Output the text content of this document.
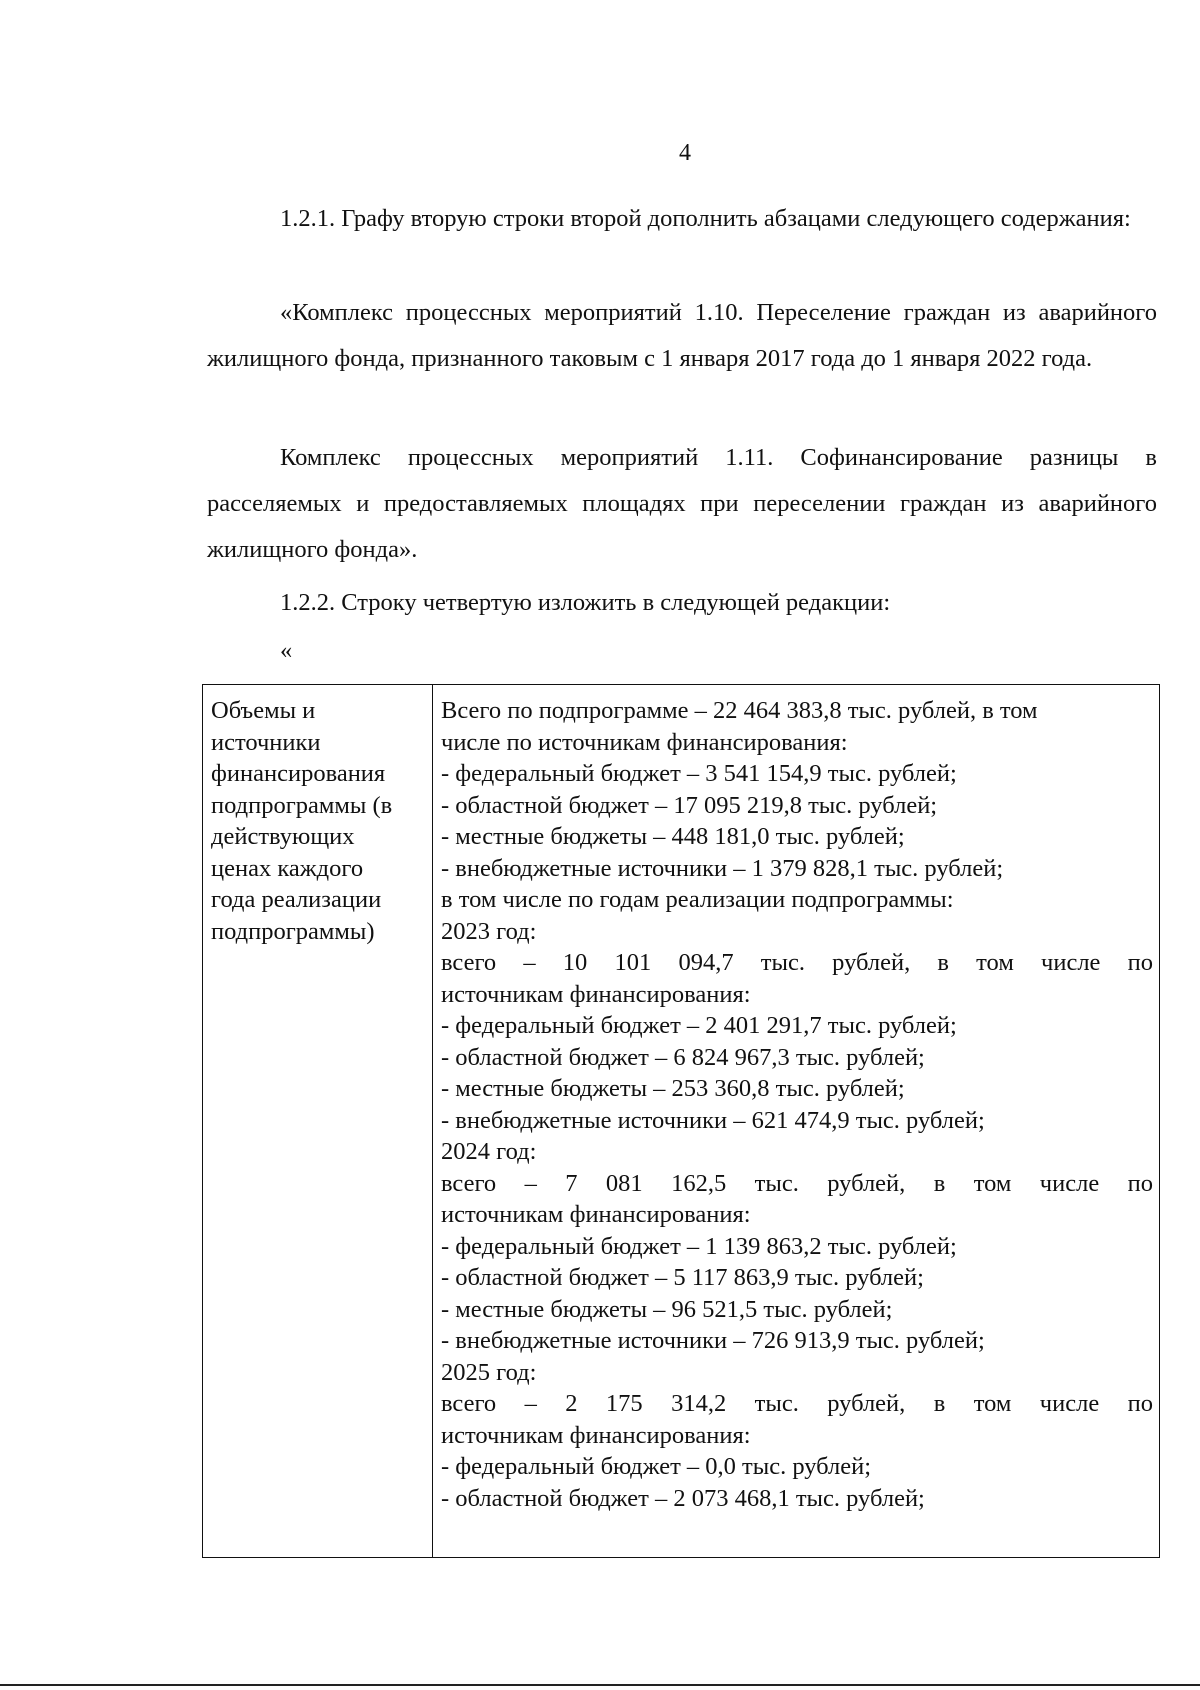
4

1.2.1. Графу вторую строки второй дополнить абзацами следующего содержания:

«Комплекс процессных мероприятий 1.10. Переселение граждан из аварийного жилищного фонда, признанного таковым с 1 января 2017 года до 1 января 2022 года.

Комплекс процессных мероприятий 1.11. Софинансирование разницы в расселяемых и предоставляемых площадях при переселении граждан из аварийного жилищного фонда».

1.2.2. Строку четвертую изложить в следующей редакции:

«

Объемы и
источники
финансирования
подпрограммы (в
действующих
ценах каждого
года реализации
подпрограммы)
Всего по подпрограмме – 22 464 383,8 тыс. рублей, в том
числе по источникам финансирования:
- федеральный бюджет – 3 541 154,9 тыс. рублей;
- областной бюджет – 17 095 219,8 тыс. рублей;
- местные бюджеты – 448 181,0 тыс. рублей;
- внебюджетные источники – 1 379 828,1 тыс. рублей;
в том числе по годам реализации подпрограммы:
2023 год:
всего – 10 101 094,7 тыс. рублей, в том числе по
источникам финансирования:
- федеральный бюджет – 2 401 291,7 тыс. рублей;
- областной бюджет – 6 824 967,3 тыс. рублей;
- местные бюджеты – 253 360,8 тыс. рублей;
- внебюджетные источники – 621 474,9 тыс. рублей;
2024 год:
всего – 7 081 162,5 тыс. рублей, в том числе по
источникам финансирования:
- федеральный бюджет – 1 139 863,2 тыс. рублей;
- областной бюджет – 5 117 863,9 тыс. рублей;
- местные бюджеты – 96 521,5 тыс. рублей;
- внебюджетные источники – 726 913,9 тыс. рублей;
2025 год:
всего – 2 175 314,2 тыс. рублей, в том числе по
источникам финансирования:
- федеральный бюджет – 0,0 тыс. рублей;
- областной бюджет – 2 073 468,1 тыс. рублей;
